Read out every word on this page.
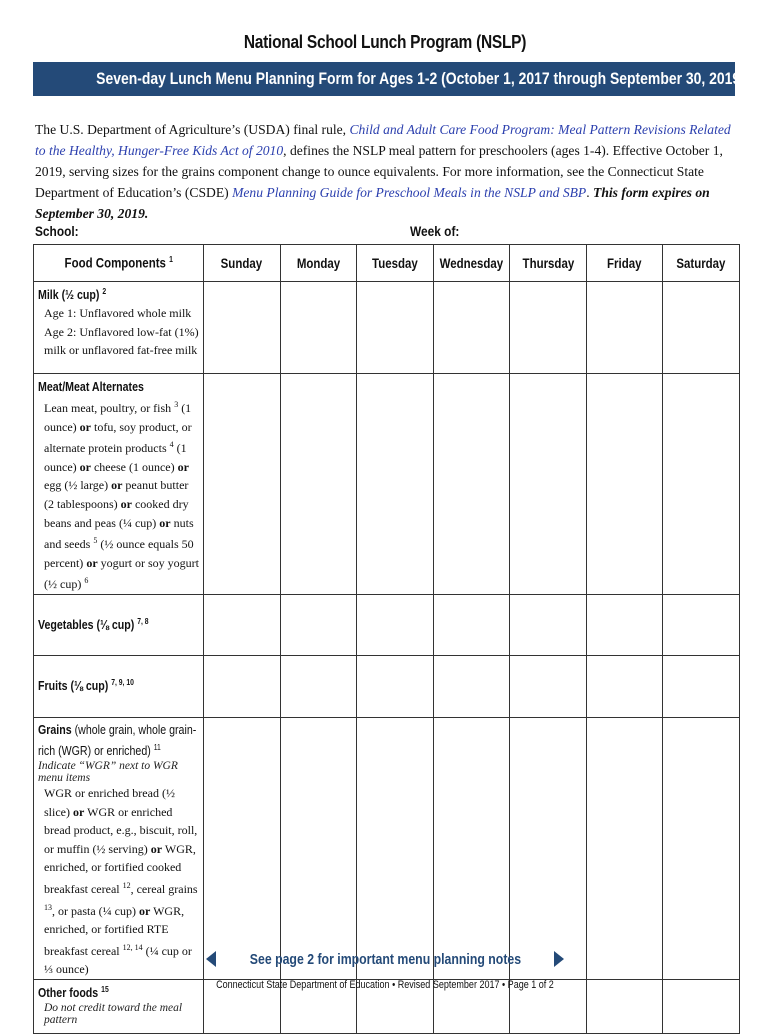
National School Lunch Program (NSLP)
Seven-day Lunch Menu Planning Form for Ages 1-2 (October 1, 2017 through September 30, 2019)
The U.S. Department of Agriculture’s (USDA) final rule, Child and Adult Care Food Program: Meal Pattern Revisions Related to the Healthy, Hunger-Free Kids Act of 2010, defines the NSLP meal pattern for preschoolers (ages 1-4). Effective October 1, 2019, serving sizes for the grains component change to ounce equivalents. For more information, see the Connecticut State Department of Education’s (CSDE) Menu Planning Guide for Preschool Meals in the NSLP and SBP. This form expires on September 30, 2019.
School:	Week of:
Food Components $^1$	Sunday	Monday	Tuesday	Wednesday	Thursday	Friday	Saturday
Milk (½ cup) $^2$
Age 1: Unflavored whole milk
Age 2: Unflavored low-fat (1%) milk or unflavored fat-free milk							

Meat/Meat Alternates
Lean meat, poultry, or fish $^3$ (1 ounce) or tofu, soy product, or alternate protein products $^4$ (1 ounce) or cheese (1 ounce) or egg (½ large) or peanut butter (2 tablespoons) or cooked dry beans and peas (¼ cup) or nuts and seeds $^5$ (½ ounce equals 50 percent) or yogurt or soy yogurt (½ cup) $^6$

Vegetables (⅛ cup) $^{7, 8}$							
Fruits (⅛ cup) $^{7, 9, 10}$							

Grains (whole grain, whole grain-rich (WGR) or enriched) $^{11}$
Indicate “WGR” next to WGR menu items
WGR or enriched bread (½ slice) or WGR or enriched bread product, e.g., biscuit, roll, or muffin (½ serving) or WGR, enriched, or fortified cooked breakfast cereal $^{12}$, cereal grains $^{13}$, or pasta (¼ cup) or WGR, enriched, or fortified RTE breakfast cereal $^{12, 14}$ (¼ cup or ⅓ ounce)							

Other foods $^{15}$
Do not credit toward the meal pattern							

See page 2 for important menu planning notes
Connecticut State Department of Education • Revised September 2017 • Page 1 of 2
